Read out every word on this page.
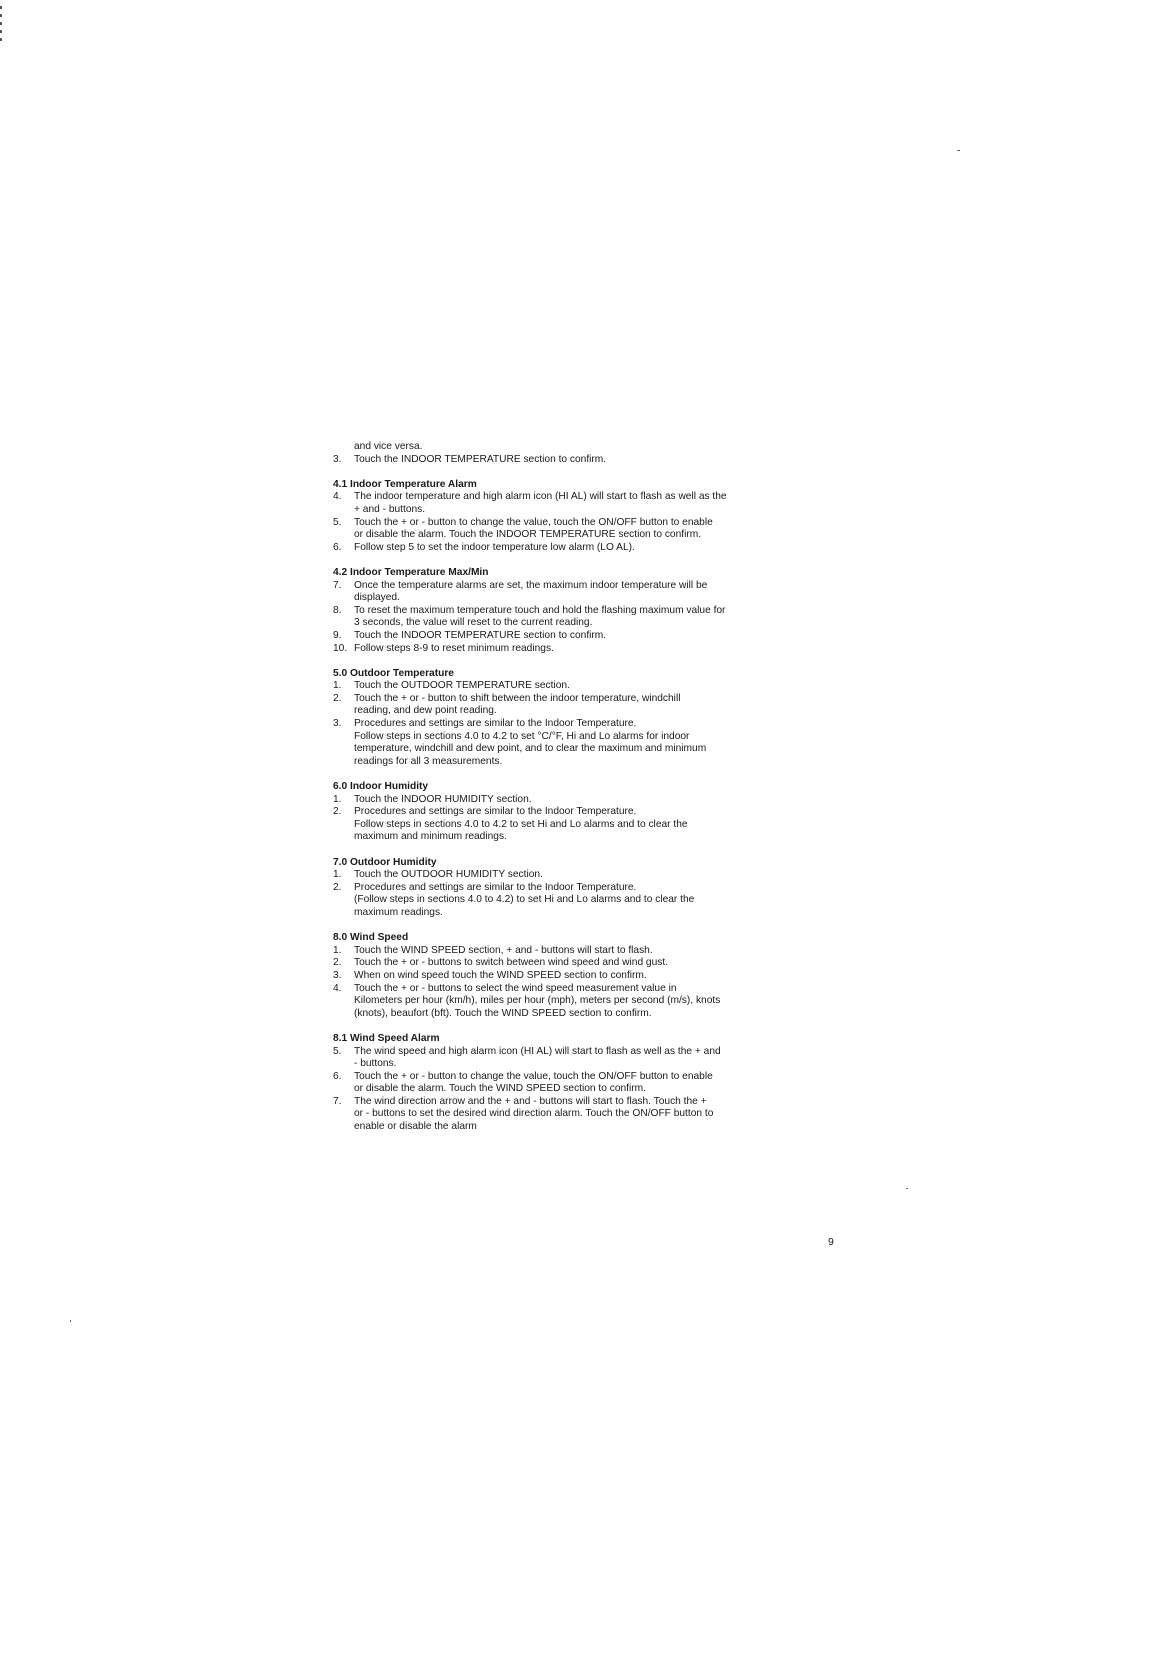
and vice versa.

3.	Touch the INDOOR TEMPERATURE section to confirm.
4.1 Indoor Temperature Alarm
4.	The indoor temperature and high alarm icon (HI AL) will start to flash as well as the
+ and - buttons.
5.	Touch the + or - button to change the value, touch the ON/OFF button to enable
or disable the alarm. Touch the INDOOR TEMPERATURE section to confirm.
6.	Follow step 5 to set the indoor temperature low alarm (LO AL).
4.2 Indoor Temperature Max/Min
7.	Once the temperature alarms are set, the maximum indoor temperature will be
displayed.
8.	To reset the maximum temperature touch and hold the flashing maximum value for
3 seconds, the value will reset to the current reading.
9.	Touch the INDOOR TEMPERATURE section to confirm.
10. Follow steps 8-9 to reset minimum readings.
5.0 Outdoor Temperature
1.	Touch the OUTDOOR TEMPERATURE section.
2.	Touch the + or - button to shift between the indoor temperature, windchill
reading, and dew point reading.
3.	Procedures and settings are similar to the Indoor Temperature.
Follow steps in sections 4.0 to 4.2 to set °C/°F, Hi and Lo alarms for indoor
temperature, windchill and dew point, and to clear the maximum and minimum
readings for all 3 measurements.
6.0 Indoor Humidity
1.	Touch the INDOOR HUMIDITY section.
2.	Procedures and settings are similar to the Indoor Temperature.
Follow steps in sections 4.0 to 4.2 to set Hi and Lo alarms and to clear the
maximum and minimum readings.
7.0 Outdoor Humidity
1.	Touch the OUTDOOR HUMIDITY section.
2.	Procedures and settings are similar to the Indoor Temperature.
(Follow steps in sections 4.0 to 4.2) to set Hi and Lo alarms and to clear the
maximum readings.
8.0 Wind Speed
1.	Touch the WIND SPEED section, + and - buttons will start to flash.
2.	Touch the + or - buttons to switch between wind speed and wind gust.
3.	When on wind speed touch the WIND SPEED section to confirm.
4.	Touch the + or - buttons to select the wind speed measurement value in
Kilometers per hour (km/h), miles per hour (mph), meters per second (m/s), knots
(knots), beaufort (bft). Touch the WIND SPEED section to confirm.
8.1 Wind Speed Alarm
5.	The wind speed and high alarm icon (HI AL) will start to flash as well as the + and
- buttons.
6.	Touch the + or - button to change the value, touch the ON/OFF button to enable
or disable the alarm. Touch the WIND SPEED section to confirm.
7.	The wind direction arrow and the + and - buttons will start to flash. Touch the +
or - buttons to set the desired wind direction alarm. Touch the ON/OFF button to
enable or disable the alarm
9
